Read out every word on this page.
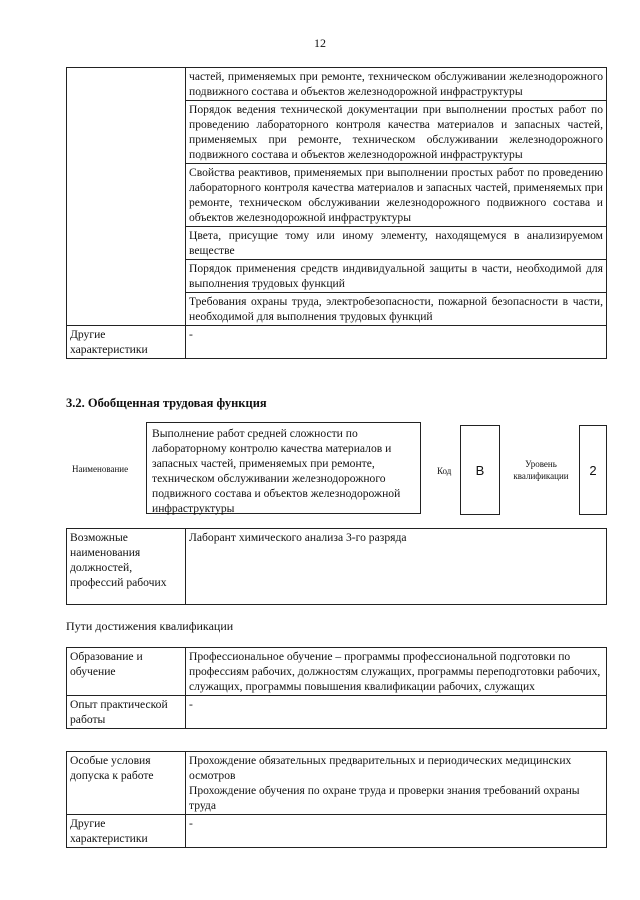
12
	частей, применяемых при ремонте, техническом обслуживании железнодорожного подвижного состава и объектов железнодорожной инфраструктуры
	Порядок ведения технической документации при выполнении простых работ по проведению лабораторного контроля качества материалов и запасных частей, применяемых при ремонте, техническом обслуживании железнодорожного подвижного состава и объектов железнодорожной инфраструктуры
	Свойства реактивов, применяемых при выполнении простых работ по проведению лабораторного контроля качества материалов и запасных частей, применяемых при ремонте, техническом обслуживании железнодорожного подвижного состава и объектов железнодорожной инфраструктуры
	Цвета, присущие тому или иному элементу, находящемуся в анализируемом веществе
	Порядок применения средств индивидуальной защиты в части, необходимой для выполнения трудовых функций
	Требования охраны труда, электробезопасности, пожарной безопасности в части, необходимой для выполнения трудовых функций
Другие характеристики	-
3.2. Обобщенная трудовая функция
Наименование
Выполнение работ средней сложности по лабораторному контролю качества материалов и запасных частей, применяемых при ремонте, техническом обслуживании железнодорожного подвижного состава и объектов железнодорожной инфраструктуры
Код	B	Уровень квалификации	2
Возможные наименования должностей, профессий рабочих	Лаборант химического анализа 3-го разряда
Пути достижения квалификации
Образование и обучение	Профессиональное обучение – программы профессиональной подготовки по профессиям рабочих, должностям служащих, программы переподготовки рабочих, служащих, программы повышения квалификации рабочих, служащих
Опыт практической работы	-
Особые условия допуска к работе	Прохождение обязательных предварительных и периодических медицинских осмотров
Прохождение обучения по охране труда и проверки знания требований охраны труда

Другие характеристики	-
